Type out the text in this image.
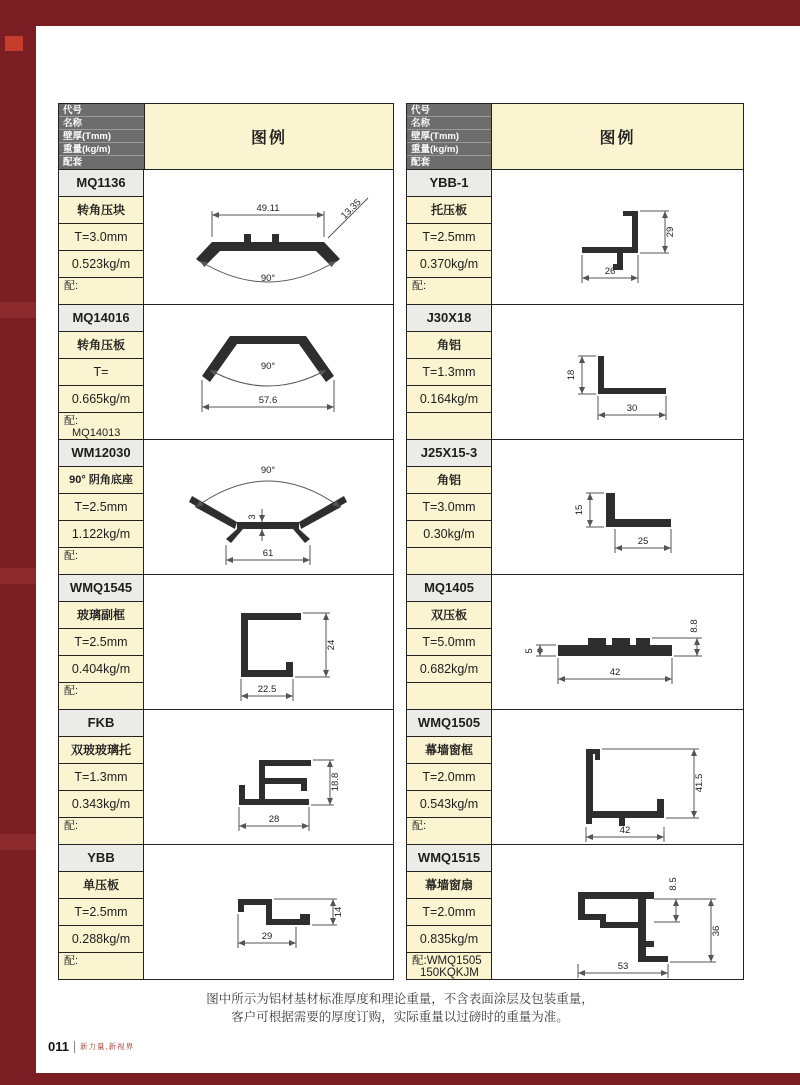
代号
名称
壁厚(Tmm)
重量(kg/m)
配套
图例
MQ1136
转角压块
T=3.0mm
0.523kg/m
配:
49.11	13.35
90°
MQ14016
转角压板
T=
0.665kg/m
配:
MQ14013
90°
57.6
WM12030
90° 阴角底座
T=2.5mm
1.122kg/m
配:
90°
3
61
WMQ1545
玻璃副框
T=2.5mm
0.404kg/m
配:
24
22.5
FKB
双玻玻璃托
T=1.3mm
0.343kg/m
配:
18.8
28
YBB
单压板
T=2.5mm
0.288kg/m
配:
14
29
代号
名称
壁厚(Tmm)
重量(kg/m)
配套
图例
YBB-1
托压板
T=2.5mm
0.370kg/m
配:
29
26
J30X18
角铝
T=1.3mm
0.164kg/m
18
30
J25X15-3
角铝
T=3.0mm
0.30kg/m
15
25
MQ1405
双压板
T=5.0mm
0.682kg/m
8.8
5
42
WMQ1505
幕墙窗框
T=2.0mm
0.543kg/m
配:
41.5
42
WMQ1515
幕墙窗扇
T=2.0mm
0.835kg/m
配:WMQ1505
150KQKJM
8.5
36
53
图中所示为铝材基材标准厚度和理论重量，不含表面涂层及包装重量，
客户可根据需要的厚度订购，实际重量以过磅时的重量为准。
011 新力量,新视界
